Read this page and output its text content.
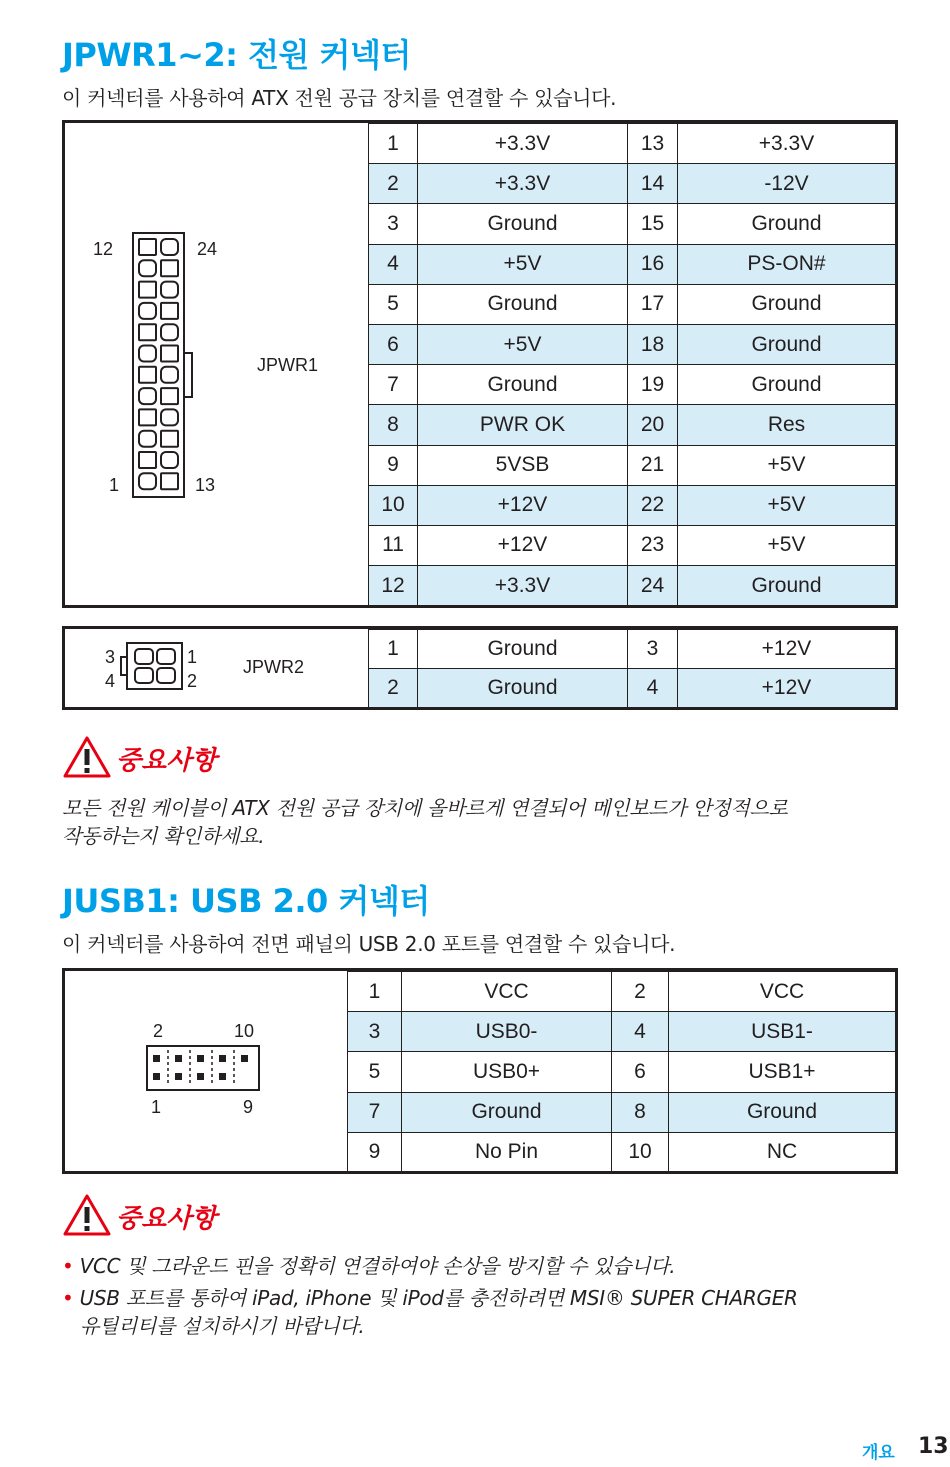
JPWR1~2: 전원 커넥터
이 커넥터를 사용하여 ATX 전원 공급 장치를 연결할 수 있습니다.
12	24
1	13
JPWR1
1	+3.3V	13	+3.3V
2	+3.3V	14	-12V
3	Ground	15	Ground
4	+5V	16	PS-ON#
5	Ground	17	Ground
6	+5V	18	Ground
7	Ground	19	Ground
8	PWR OK	20	Res
9	5VSB	21	+5V
10	+12V	22	+5V
11	+12V	23	+5V
12	+3.3V	24	Ground
3	1
4	2
JPWR2
1	Ground	3	+12V
2	Ground	4	+12V
중요사항
모든 전원 케이블이 ATX 전원 공급 장치에 올바르게 연결되어 메인보드가 안정적으로
작동하는지 확인하세요.
JUSB1: USB 2.0 커넥터
이 커넥터를 사용하여 전면 패널의 USB 2.0 포트를 연결할 수 있습니다.
2	10
1	9
1	VCC	2	VCC
3	USB0-	4	USB1-
5	USB0+	6	USB1+
7	Ground	8	Ground
9	No Pin	10	NC
중요사항
• VCC 및 그라운드 핀을 정확히 연결하여야 손상을 방지할 수 있습니다.
• USB 포트를 통하여 iPad, iPhone 및 iPod를 충전하려면 MSI® SUPER CHARGER
유틸리티를 설치하시기 바랍니다.
개요 13
